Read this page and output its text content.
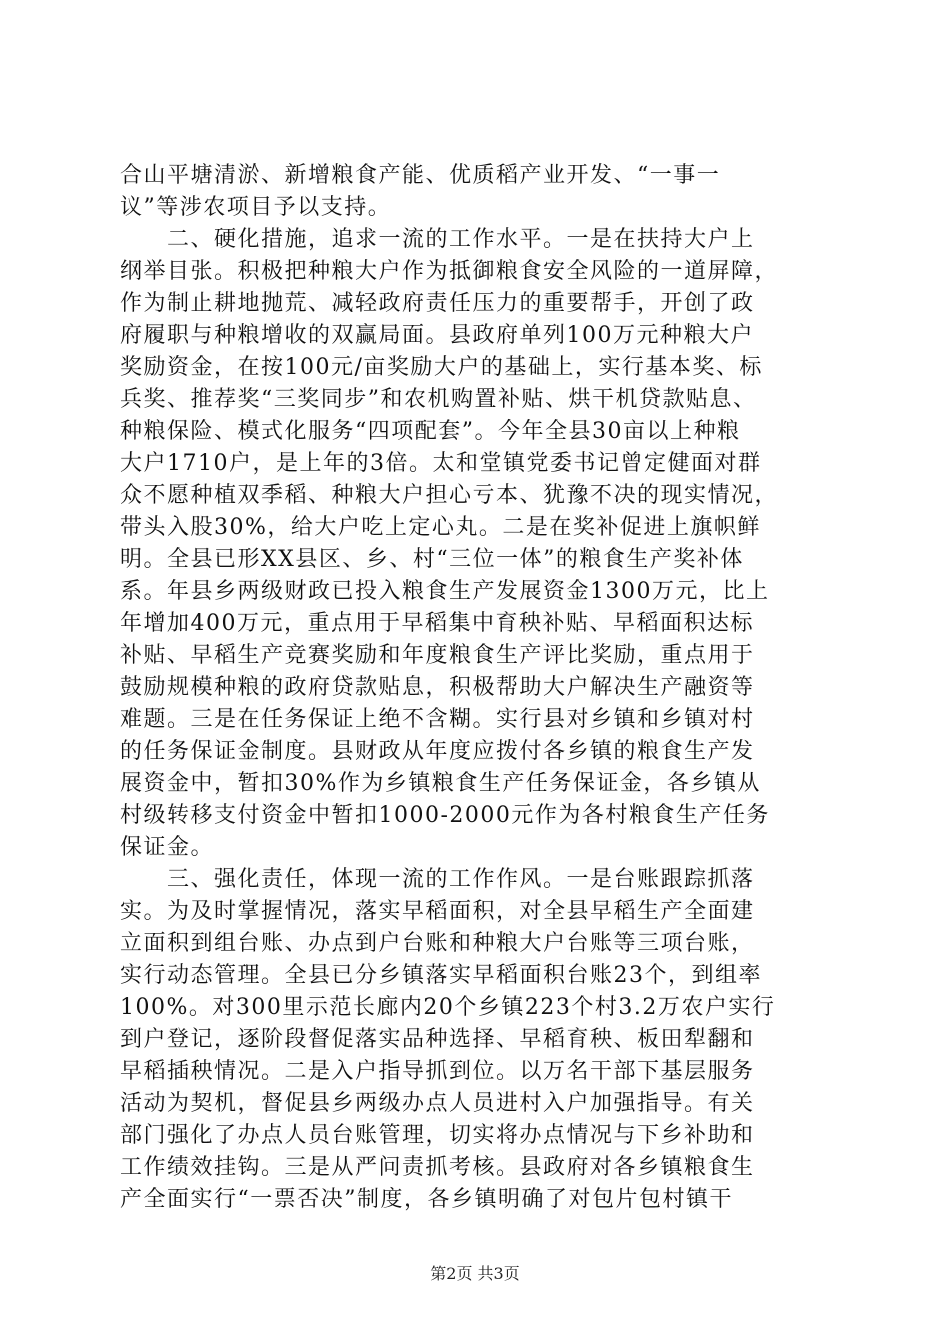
合山平塘清淤、新增粮食产能、优质稻产业开发、“一事一
议”等涉农项目予以支持。
　　二、硬化措施，追求一流的工作水平。一是在扶持大户上
纲举目张。积极把种粮大户作为抵御粮食安全风险的一道屏障，
作为制止耕地抛荒、减轻政府责任压力的重要帮手，开创了政
府履职与种粮增收的双赢局面。县政府单列100万元种粮大户
奖励资金，在按100元/亩奖励大户的基础上，实行基本奖、标
兵奖、推荐奖“三奖同步”和农机购置补贴、烘干机贷款贴息、
种粮保险、模式化服务“四项配套”。今年全县30亩以上种粮
大户1710户，是上年的3倍。太和堂镇党委书记曾定健面对群
众不愿种植双季稻、种粮大户担心亏本、犹豫不决的现实情况，
带头入股30%，给大户吃上定心丸。二是在奖补促进上旗帜鲜
明。全县已形XX县区、乡、村“三位一体”的粮食生产奖补体
系。年县乡两级财政已投入粮食生产发展资金1300万元，比上
年增加400万元，重点用于早稻集中育秧补贴、早稻面积达标
补贴、早稻生产竞赛奖励和年度粮食生产评比奖励，重点用于
鼓励规模种粮的政府贷款贴息，积极帮助大户解决生产融资等
难题。三是在任务保证上绝不含糊。实行县对乡镇和乡镇对村
的任务保证金制度。县财政从年度应拨付各乡镇的粮食生产发
展资金中，暂扣30%作为乡镇粮食生产任务保证金，各乡镇从
村级转移支付资金中暂扣1000-2000元作为各村粮食生产任务
保证金。
　　三、强化责任，体现一流的工作作风。一是台账跟踪抓落
实。为及时掌握情况，落实早稻面积，对全县早稻生产全面建
立面积到组台账、办点到户台账和种粮大户台账等三项台账，
实行动态管理。全县已分乡镇落实早稻面积台账23个，到组率
100%。对300里示范长廊内20个乡镇223个村3.2万农户实行
到户登记，逐阶段督促落实品种选择、早稻育秧、板田犁翻和
早稻插秧情况。二是入户指导抓到位。以万名干部下基层服务
活动为契机，督促县乡两级办点人员进村入户加强指导。有关
部门强化了办点人员台账管理，切实将办点情况与下乡补助和
工作绩效挂钩。三是从严问责抓考核。县政府对各乡镇粮食生
产全面实行“一票否决”制度，各乡镇明确了对包片包村镇干
第2页 共3页
